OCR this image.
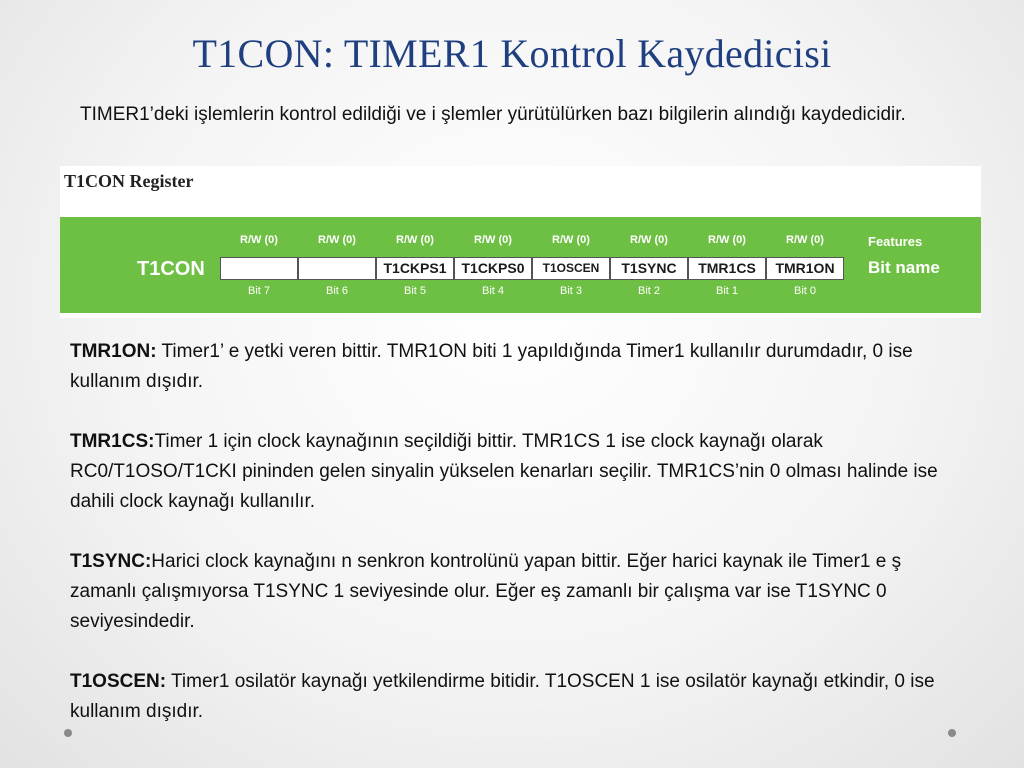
T1CON: TIMER1 Kontrol Kaydedicisi

TIMER1’deki işlemlerin kontrol edildiği ve i şlemler yürütülürken bazı bilgilerin alındığı kaydedicidir.

T1CON Register
T1CON
R/W (0)
Bit 7
R/W (0)
Bit 6
R/W (0)
T1CKPS1
Bit 5
R/W (0)
T1CKPS0
Bit 4
R/W (0)
T1OSCEN
Bit 3
R/W (0)
T1SYNC
Bit 2
R/W (0)
TMR1CS
Bit 1
R/W (0)
TMR1ON
Bit 0
Features
Bit name

TMR1ON: Timer1’ e yetki veren bittir. TMR1ON biti 1 yapıldığında Timer1 kullanılır durumdadır, 0 ise kullanım dışıdır.

TMR1CS:Timer 1 için clock kaynağının seçildiği bittir. TMR1CS 1 ise clock kaynağı olarak RC0/T1OSO/T1CKI pininden gelen sinyalin yükselen kenarları seçilir. TMR1CS’nin 0 olması halinde ise dahili clock kaynağı kullanılır.

T1SYNC:Harici clock kaynağını n senkron kontrolünü yapan bittir. Eğer harici kaynak ile Timer1 e ş zamanlı çalışmıyorsa T1SYNC 1 seviyesinde olur. Eğer eş zamanlı bir çalışma var ise T1SYNC 0 seviyesindedir.

T1OSCEN: Timer1 osilatör kaynağı yetkilendirme bitidir. T1OSCEN 1 ise osilatör kaynağı etkindir, 0 ise kullanım dışıdır.
